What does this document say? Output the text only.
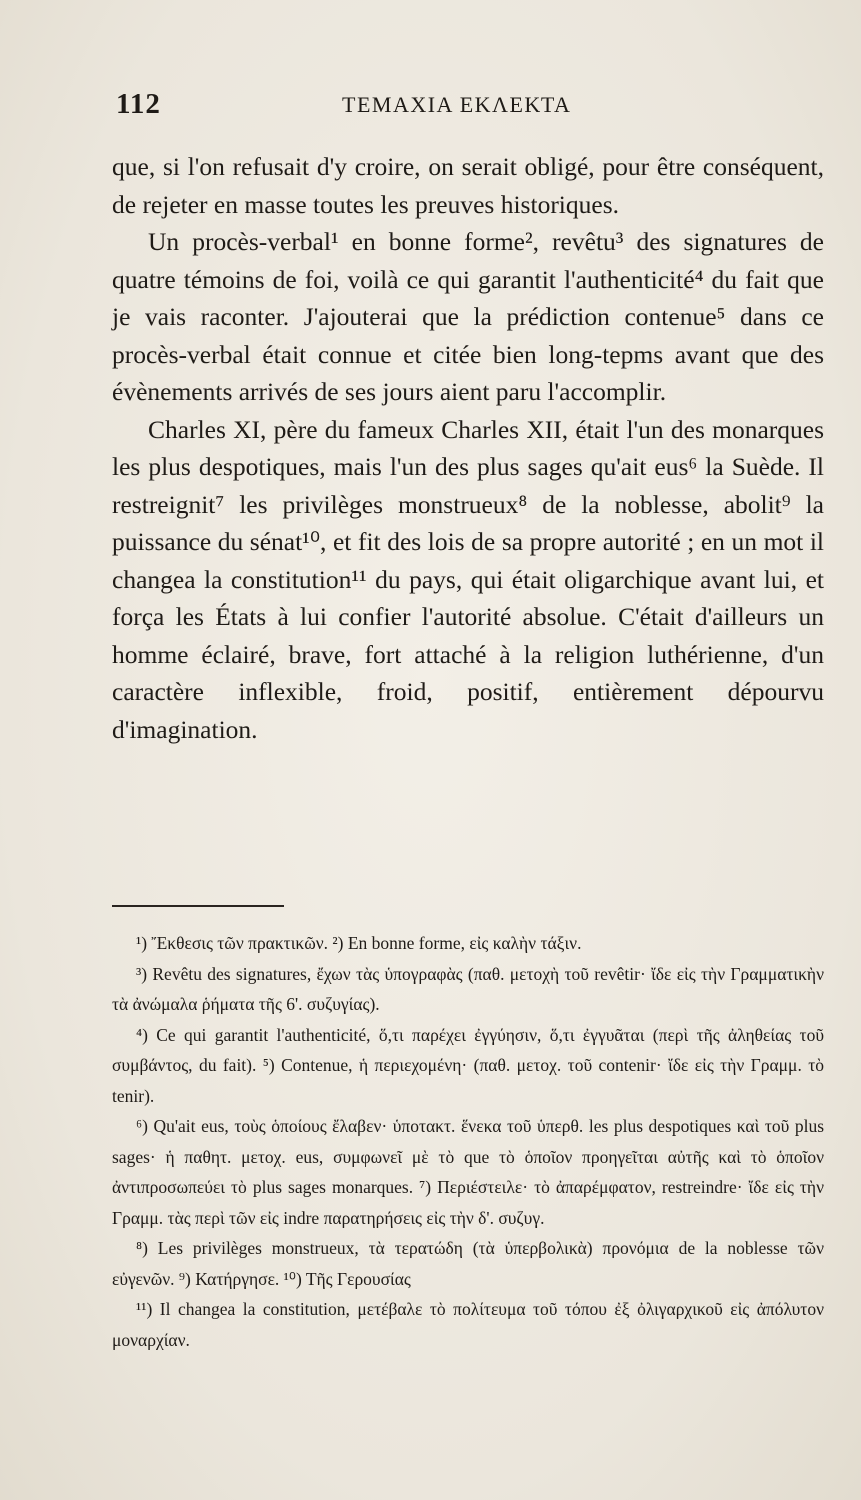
112	ΤΕΜΑΧΙΑ ΕΚΛΕΚΤΑ

que, si l'on refusait d'y croire, on serait obligé, pour être conséquent, de rejeter en masse toutes les preuves historiques.

Un procès-verbal¹ en bonne forme², revêtu³ des signatures de quatre témoins de foi, voilà ce qui garantit l'authenticité⁴ du fait que je vais raconter. J'ajouterai que la prédiction contenue⁵ dans ce procès-verbal était connue et citée bien long-tepms avant que des évènements arrivés de ses jours aient paru l'accomplir.

Charles XI, père du fameux Charles XII, était l'un des monarques les plus despotiques, mais l'un des plus sages qu'ait eus⁶ la Suède. Il restreignit⁷ les privilèges monstrueux⁸ de la noblesse, abolit⁹ la puissance du sénat¹⁰, et fit des lois de sa propre autorité ; en un mot il changea la constitution¹¹ du pays, qui était oligarchique avant lui, et força les États à lui confier l'autorité absolue. C'était d'ailleurs un homme éclairé, brave, fort attaché à la religion luthérienne, d'un caractère inflexible, froid, positif, entièrement dépourvu d'imagination.

¹) Ἔκθεσις τῶν πρακτικῶν. ²) En bonne forme, εἰς καλὴν τάξιν.

³) Revêtu des signatures, ἔχων τὰς ὑπογραφὰς (παθ. μετοχὴ τοῦ revêtir· ἴδε εἰς τὴν Γραμματικὴν τὰ ἀνώμαλα ῥήματα τῆς 6'. συζυγίας).

⁴) Ce qui garantit l'authenticité, ὅ,τι παρέχει ἐγγύησιν, ὅ,τι ἐγγυᾶται (περὶ τῆς ἀληθείας τοῦ συμβάντος, du fait). ⁵) Contenue, ἡ περιεχομένη· (παθ. μετοχ. τοῦ contenir· ἴδε εἰς τὴν Γραμμ. τὸ tenir).

⁶) Qu'ait eus, τοὺς ὁποίους ἔλαβεν· ὑποτακτ. ἕνεκα τοῦ ὑπερθ. les plus despotiques καὶ τοῦ plus sages· ἡ παθητ. μετοχ. eus, συμφωνεῖ μὲ τὸ que τὸ ὁποῖον προηγεῖται αὐτῆς καὶ τὸ ὁποῖον ἀντιπροσωπεύει τὸ plus sages monarques. ⁷) Περιέστειλε· τὸ ἀπαρέμφατον, restreindre· ἴδε εἰς τὴν Γραμμ. τὰς περὶ τῶν εἰς indre παρατηρήσεις εἰς τὴν δ'. συζυγ.

⁸) Les privilèges monstrueux, τὰ τερατώδη (τὰ ὑπερβολικὰ) προνόμια de la noblesse τῶν εὐγενῶν. ⁹) Κατήργησε. ¹⁰) Τῆς Γερουσίας

¹¹) Il changea la constitution, μετέβαλε τὸ πολίτευμα τοῦ τόπου ἐξ ὀλιγαρχικοῦ εἰς ἀπόλυτον μοναρχίαν.
